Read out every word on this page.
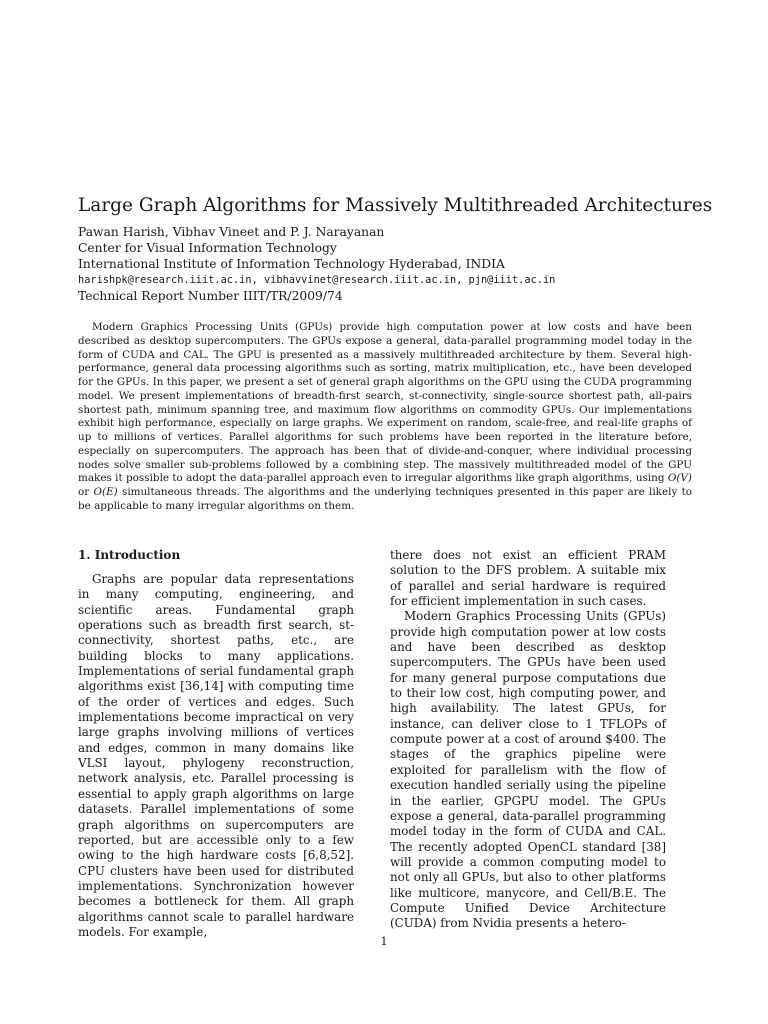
Large Graph Algorithms for Massively Multithreaded Architectures
Pawan Harish, Vibhav Vineet and P. J. Narayanan
Center for Visual Information Technology
International Institute of Information Technology Hyderabad, INDIA
harishpk@research.iiit.ac.in, vibhavvinet@research.iiit.ac.in, pjn@iiit.ac.in
Technical Report Number IIIT/TR/2009/74

Modern Graphics Processing Units (GPUs) provide high computation power at low costs and have been described as desktop supercomputers. The GPUs expose a general, data-parallel programming model today in the form of CUDA and CAL. The GPU is presented as a massively multithreaded architecture by them. Several high-performance, general data processing algorithms such as sorting, matrix multiplication, etc., have been developed for the GPUs. In this paper, we present a set of general graph algorithms on the GPU using the CUDA programming model. We present implementations of breadth-first search, st-connectivity, single-source shortest path, all-pairs shortest path, minimum spanning tree, and maximum flow algorithms on commodity GPUs. Our implementations exhibit high performance, especially on large graphs. We experiment on random, scale-free, and real-life graphs of up to millions of vertices. Parallel algorithms for such problems have been reported in the literature before, especially on supercomputers. The approach has been that of divide-and-conquer, where individual processing nodes solve smaller sub-problems followed by a combining step. The massively multithreaded model of the GPU makes it possible to adopt the data-parallel approach even to irregular algorithms like graph algorithms, using O(V) or O(E) simultaneous threads. The algorithms and the underlying techniques presented in this paper are likely to be applicable to many irregular algorithms on them.

1. Introduction

Graphs are popular data representations in many computing, engineering, and scientific areas. Fundamental graph operations such as breadth first search, st-connectivity, shortest paths, etc., are building blocks to many applications. Implementations of serial fundamental graph algorithms exist [36,14] with computing time of the order of vertices and edges. Such implementations become impractical on very large graphs involving millions of vertices and edges, common in many domains like VLSI layout, phylogeny reconstruction, network analysis, etc. Parallel processing is essential to apply graph algorithms on large datasets. Parallel implementations of some graph algorithms on supercomputers are reported, but are accessible only to a few owing to the high hardware costs [6,8,52]. CPU clusters have been used for distributed implementations. Synchronization however becomes a bottleneck for them. All graph algorithms cannot scale to parallel hardware models. For example,

there does not exist an efficient PRAM solution to the DFS problem. A suitable mix of parallel and serial hardware is required for efficient implementation in such cases.

Modern Graphics Processing Units (GPUs) provide high computation power at low costs and have been described as desktop supercomputers. The GPUs have been used for many general purpose computations due to their low cost, high computing power, and high availability. The latest GPUs, for instance, can deliver close to 1 TFLOPs of compute power at a cost of around $400. The stages of the graphics pipeline were exploited for parallelism with the flow of execution handled serially using the pipeline in the earlier, GPGPU model. The GPUs expose a general, data-parallel programming model today in the form of CUDA and CAL. The recently adopted OpenCL standard [38] will provide a common computing model to not only all GPUs, but also to other platforms like multicore, manycore, and Cell/B.E. The Compute Unified Device Architecture (CUDA) from Nvidia presents a hetero-

1
